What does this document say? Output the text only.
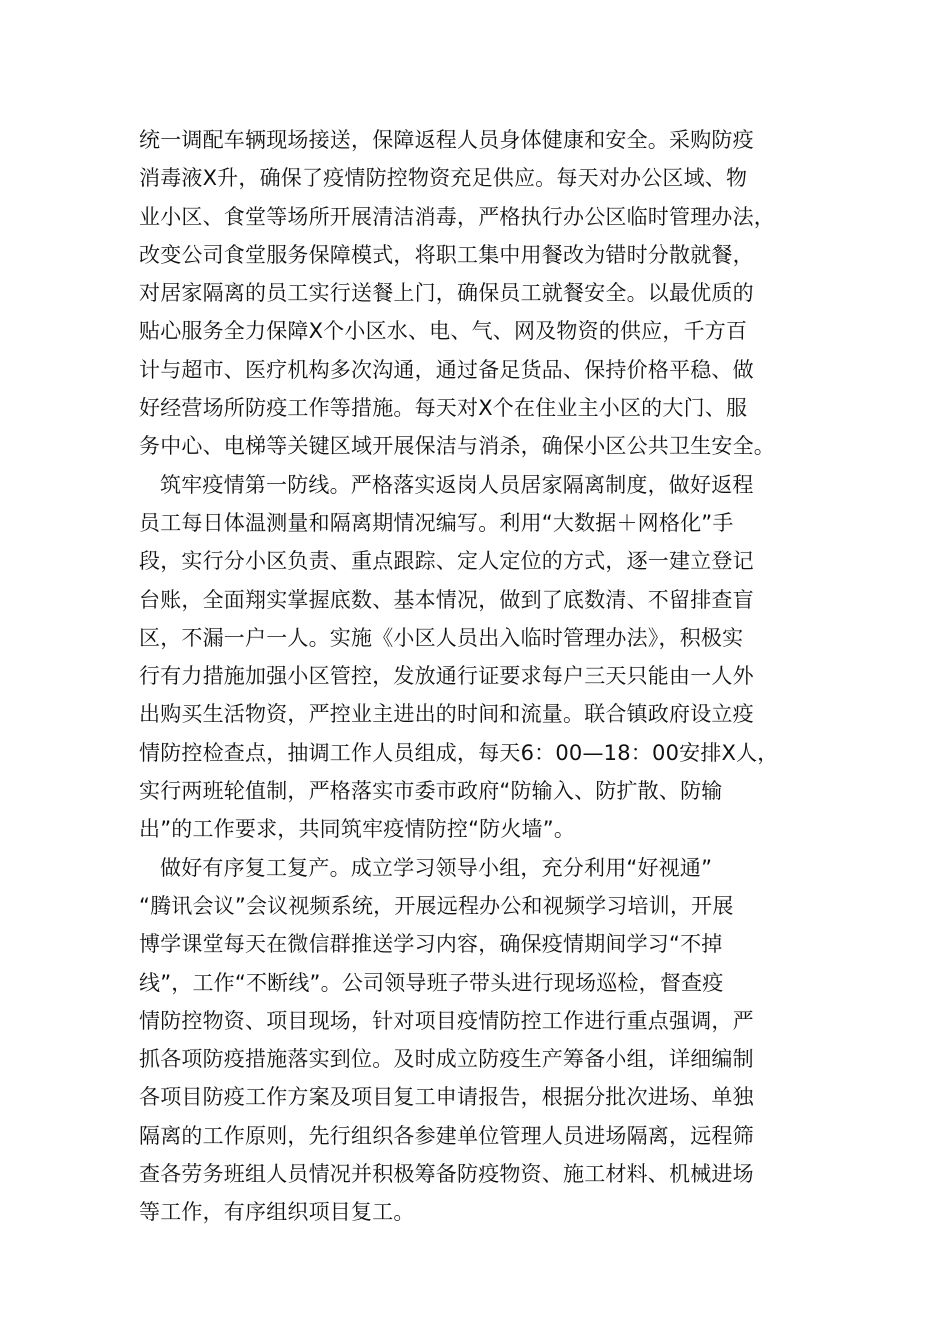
统一调配车辆现场接送，保障返程人员身体健康和安全。采购防疫
消毒液X升，确保了疫情防控物资充足供应。每天对办公区域、物
业小区、食堂等场所开展清洁消毒，严格执行办公区临时管理办法，
改变公司食堂服务保障模式，将职工集中用餐改为错时分散就餐，
对居家隔离的员工实行送餐上门，确保员工就餐安全。以最优质的
贴心服务全力保障X个小区水、电、气、网及物资的供应，千方百
计与超市、医疗机构多次沟通，通过备足货品、保持价格平稳、做
好经营场所防疫工作等措施。每天对X个在住业主小区的大门、服
务中心、电梯等关键区域开展保洁与消杀，确保小区公共卫生安全。
筑牢疫情第一防线。严格落实返岗人员居家隔离制度，做好返程
员工每日体温测量和隔离期情况编写。利用“大数据＋网格化”手
段，实行分小区负责、重点跟踪、定人定位的方式，逐一建立登记
台账，全面翔实掌握底数、基本情况，做到了底数清、不留排查盲
区，不漏一户一人。实施《小区人员出入临时管理办法》，积极实
行有力措施加强小区管控，发放通行证要求每户三天只能由一人外
出购买生活物资，严控业主进出的时间和流量。联合镇政府设立疫
情防控检查点，抽调工作人员组成，每天6：00—18：00安排X人，
实行两班轮值制，严格落实市委市政府“防输入、防扩散、防输
出”的工作要求，共同筑牢疫情防控“防火墙”。
做好有序复工复产。成立学习领导小组，充分利用“好视通”
“腾讯会议”会议视频系统，开展远程办公和视频学习培训，开展
博学课堂每天在微信群推送学习内容，确保疫情期间学习“不掉
线”，工作“不断线”。公司领导班子带头进行现场巡检，督查疫
情防控物资、项目现场，针对项目疫情防控工作进行重点强调，严
抓各项防疫措施落实到位。及时成立防疫生产筹备小组，详细编制
各项目防疫工作方案及项目复工申请报告，根据分批次进场、单独
隔离的工作原则，先行组织各参建单位管理人员进场隔离，远程筛
查各劳务班组人员情况并积极筹备防疫物资、施工材料、机械进场
等工作，有序组织项目复工。
